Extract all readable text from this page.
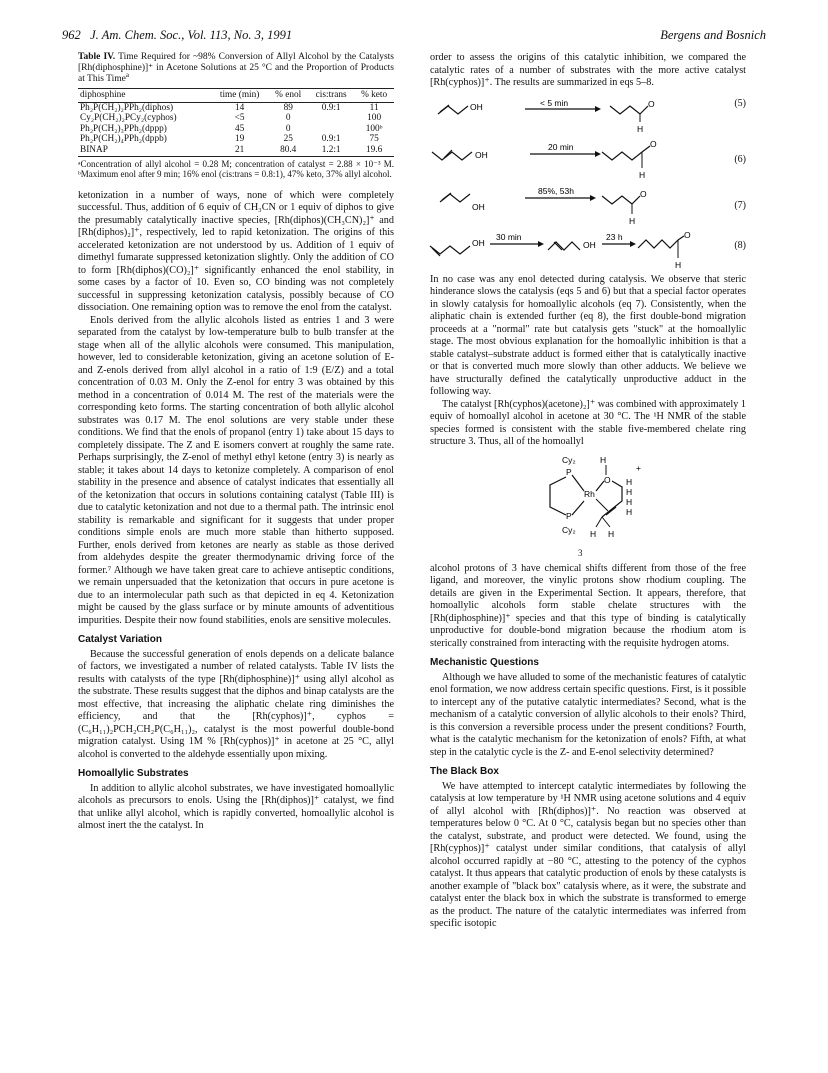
962 J. Am. Chem. Soc., Vol. 113, No. 3, 1991	Bergens and Bosnich
Table IV. Time Required for ~98% Conversion of Allyl Alcohol by the Catalysts [Rh(diphosphine)]⁺ in Acetone Solutions at 25 °C and the Proportion of Products at This Time$^a$
diphosphine	time (min)	% enol	cis:trans	% keto
Ph₂P(CH₂)₂PPh₂(diphos)	14	89	0.9:1	11
Cy₂P(CH₂)₂PCy₂(cyphos)	<5	0		100
Ph₂P(CH₂)₃PPh₂(dppp)	45	0		100ᵇ
Ph₂P(CH₂)₄PPh₂(dppb)	19	25	0.9:1	75
BINAP	21	80.4	1.2:1	19.6
ᵃConcentration of allyl alcohol = 0.28 M; concentration of catalyst = 2.88 × 10⁻³ M. ᵇMaximum enol after 9 min; 16% enol (cis:trans = 0.8:1), 47% keto, 37% allyl alcohol.

ketonization in a number of ways, none of which were completely successful. Thus, addition of 6 equiv of CH₃CN or 1 equiv of diphos to give the presumably catalytically inactive species, [Rh(diphos)(CH₃CN)₂]⁺ and [Rh(diphos)₂]⁺, respectively, led to rapid ketonization. The origins of this accelerated ketonization are not understood by us. Addition of 1 equiv of dimethyl fumarate suppressed ketonization slightly. Only the addition of CO to form [Rh(diphos)(CO)₂]⁺ significantly enhanced the enol stability, in some cases by a factor of 10. Even so, CO binding was not completely successful in suppressing ketonization catalysis, possibly because of CO dissociation. One remaining option was to remove the enol from the catalyst.

Enols derived from the allylic alcohols listed as entries 1 and 3 were separated from the catalyst by low-temperature bulb to bulb transfer at the stage when all of the allylic alcohols were consumed. This manipulation, however, led to considerable ketonization, giving an acetone solution of E- and Z-enols derived from allyl alcohol in a ratio of 1:9 (E/Z) and a total concentration of 0.03 M. Only the Z-enol for entry 3 was obtained by this method in a concentration of 0.014 M. The rest of the materials were the corresponding keto forms. The starting concentration of both allylic alcohol substrates was 0.17 M. The enol solutions are very stable under these conditions. We find that the enols of propanol (entry 1) take about 15 days to completely dissipate. The Z and E isomers convert at roughly the same rate. Perhaps surprisingly, the Z-enol of methyl ethyl ketone (entry 3) is nearly as stable; it takes about 14 days to ketonize completely. A comparison of enol stability in the presence and absence of catalyst indicates that essentially all of the ketonization that occurs in solutions containing catalyst (Table III) is due to catalytic ketonization and not due to a thermal path. The intrinsic enol stability is remarkable and significant for it suggests that under proper conditions simple enols are much more stable than hitherto supposed. Further, enols derived from ketones are nearly as stable as those derived from aldehydes despite the greater thermodynamic driving force of the former.⁷ Although we have taken great care to achieve antiseptic conditions, we remain unpersuaded that the ketonization that occurs in pure acetone is due to an intermolecular path such as that depicted in eq 4. Ketonization might be caused by the glass surface or by minute amounts of adventitious impurities. Despite their now found stabilities, enols are sensitive molecules.

Catalyst Variation

Because the successful generation of enols depends on a delicate balance of factors, we investigated a number of related catalysts. Table IV lists the results with catalysts of the type [Rh(diphosphine)]⁺ using allyl alcohol as the substrate. These results suggest that the diphos and binap catalysts are the most effective, that increasing the aliphatic chelate ring diminishes the efficiency, and that the [Rh(cyphos)]⁺, cyphos = (C₆H₁₁)₂PCH₂CH₂P(C₆H₁₁)₂, catalyst is the most powerful double-bond migration catalyst. Using 1M % [Rh(cyphos)]⁺ in acetone at 25 °C, allyl alcohol is converted to the aldehyde essentially upon mixing.

Homoallylic Substrates

In addition to allylic alcohol substrates, we have investigated homoallylic alcohols as precursors to enols. Using the [Rh(diphos)]⁺ catalyst, we find that unlike allyl alcohol, which is rapidly converted, homoallylic alcohol is almost inert the the catalyst. In

order to assess the origins of this catalytic inhibition, we compared the catalytic rates of a number of substrates with the more active catalyst [Rh(cyphos)]⁺. The results are summarized in eqs 5–8.

OH	< 5 min	O
H
(5)
OH
20 min	O
H
(6)
OH
85%, 53h	O
H
(7)
OH
30 min
OH
23 h	O
H
(8)

In no case was any enol detected during catalysis. We observe that steric hinderance slows the catalysis (eqs 5 and 6) but that a special factor operates in slowly catalysis for homoallylic alcohols (eq 7). Consistently, when the aliphatic chain is extended further (eq 8), the first double-bond migration proceeds at a "normal" rate but catalysis gets "stuck" at the homoallylic stage. The most obvious explanation for the homoallylic inhibition is that a stable catalyst–substrate adduct is formed either that is catalytically inactive or that is converted much more slowly than other adducts. We believe we have structurally defined the catalytically unproductive adduct in the following way.

The catalyst [Rh(cyphos)(acetone)₂]⁺ was combined with approximately 1 equiv of homoallyl alcohol in acetone at 30 °C. The ¹H NMR of the stable species formed is consistent with the stable five-membered chelate ring structure 3. Thus, all of the homoallyl

Cy₂	H
+
P
Rh
P
Cy₂
O H
H
H
H
H H
3

alcohol protons of 3 have chemical shifts different from those of the free ligand, and moreover, the vinylic protons show rhodium coupling. The details are given in the Experimental Section. It appears, therefore, that homoallylic alcohols form stable chelate structures with the [Rh(diphosphine)]⁺ species and that this type of binding is catalytically unproductive for double-bond migration because the rhodium atom is sterically constrained from interacting with the requisite hydrogen atoms.

Mechanistic Questions

Although we have alluded to some of the mechanistic features of catalytic enol formation, we now address certain specific questions. First, is it possible to intercept any of the putative catalytic intermediates? Second, what is the mechanism of a catalytic conversion of allylic alcohols to their enols? Third, is this conversion a reversible process under the present conditions? Fourth, what is the catalytic mechanism for the ketonization of enols? Fifth, at what step in the catalytic cycle is the Z- and E-enol selectivity determined?

The Black Box

We have attempted to intercept catalytic intermediates by following the catalysis at low temperature by ¹H NMR using acetone solutions and 4 equiv of allyl alcohol with [Rh(diphos)]⁺. No reaction was observed at temperatures below 0 °C. At 0 °C, catalysis began but no species other than the catalyst, substrate, and product were detected. We found, using the [Rh(cyphos)]⁺ catalyst under similar conditions, that catalysis of allyl alcohol occurred rapidly at −80 °C, attesting to the potency of the cyphos catalyst. It thus appears that catalytic production of enols by these catalysts is another example of "black box" catalysis where, as it were, the substrate and catalyst enter the black box in which the substrate is transformed to emerge as the product. The nature of the catalytic intermediates was inferred from specific isotopic
